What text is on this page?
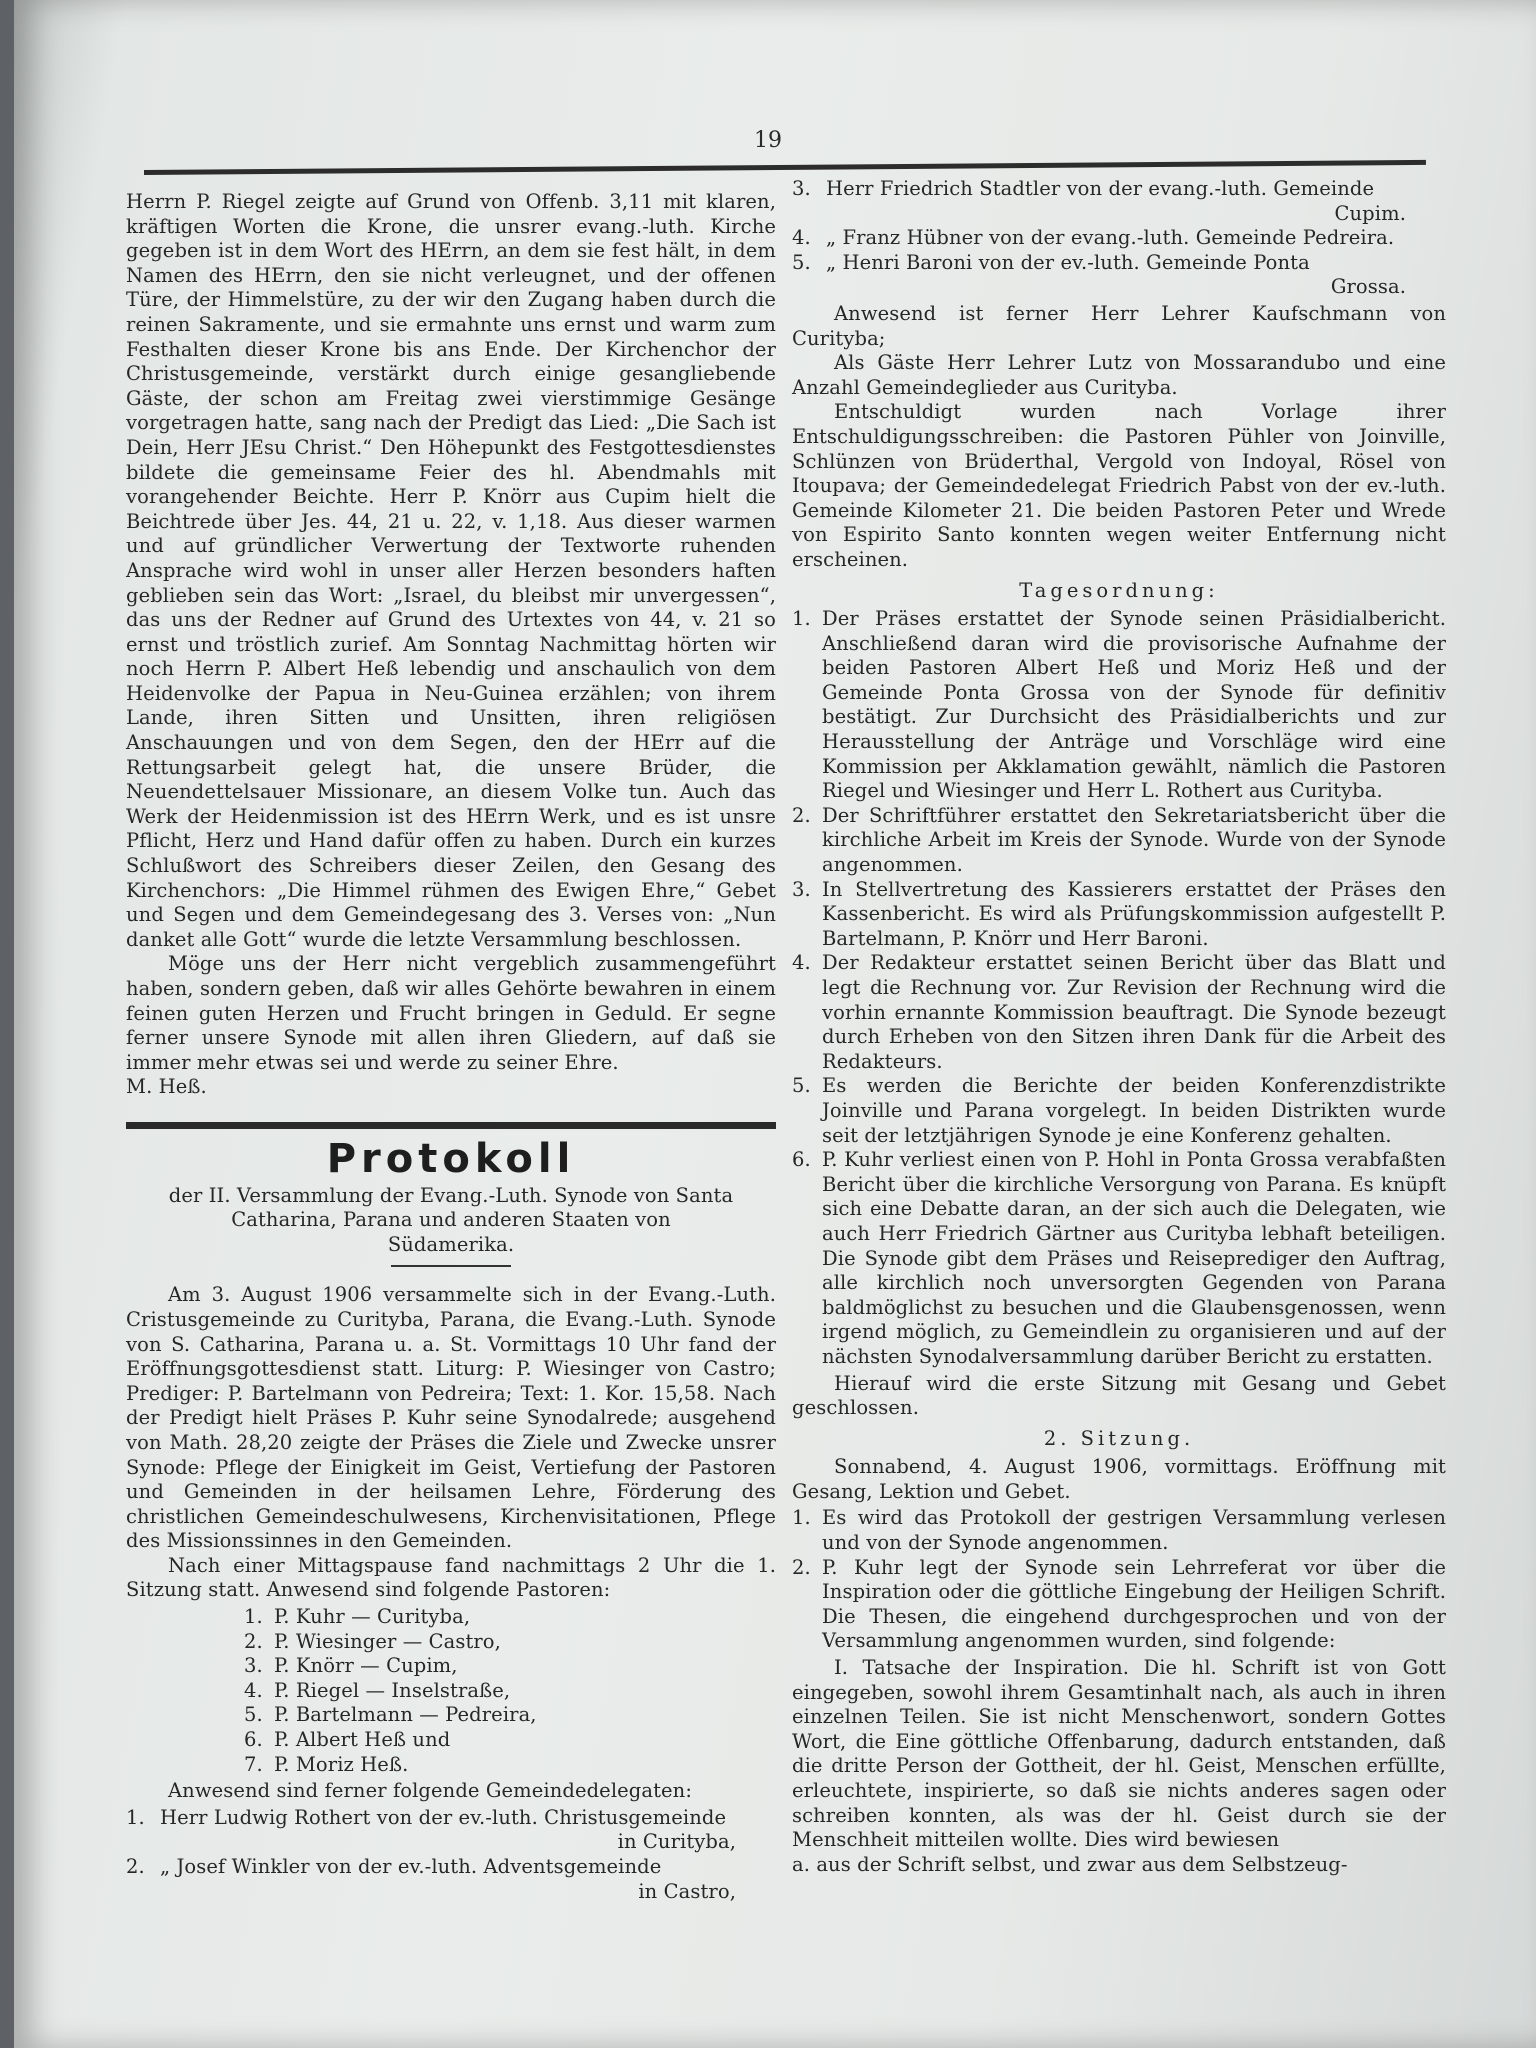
19

Herrn P. Riegel zeigte auf Grund von Offenb. 3,11 mit klaren, kräftigen Worten die Krone, die unsrer evang.-luth. Kirche gegeben ist in dem Wort des HErrn, an dem sie fest hält, in dem Namen des HErrn, den sie nicht verleugnet, und der offenen Türe, der Himmelstüre, zu der wir den Zugang haben durch die reinen Sakramente, und sie ermahnte uns ernst und warm zum Festhalten dieser Krone bis ans Ende. Der Kirchenchor der Christusgemeinde, verstärkt durch einige gesangliebende Gäste, der schon am Freitag zwei vierstimmige Gesänge vorgetragen hatte, sang nach der Predigt das Lied: „Die Sach ist Dein, Herr JEsu Christ.“ Den Höhepunkt des Festgottesdienstes bildete die gemeinsame Feier des hl. Abendmahls mit vorangehender Beichte. Herr P. Knörr aus Cupim hielt die Beichtrede über Jes. 44, 21 u. 22, v. 1,18. Aus dieser warmen und auf gründlicher Verwertung der Textworte ruhenden Ansprache wird wohl in unser aller Herzen besonders haften geblieben sein das Wort: „Israel, du bleibst mir unvergessen“, das uns der Redner auf Grund des Urtextes von 44, v. 21 so ernst und tröstlich zurief. Am Sonntag Nachmittag hörten wir noch Herrn P. Albert Heß lebendig und anschaulich von dem Heidenvolke der Papua in Neu-Guinea erzählen; von ihrem Lande, ihren Sitten und Unsitten, ihren religiösen Anschauungen und von dem Segen, den der HErr auf die Rettungsarbeit gelegt hat, die unsere Brüder, die Neuendettelsauer Missionare, an diesem Volke tun. Auch das Werk der Heidenmission ist des HErrn Werk, und es ist unsre Pflicht, Herz und Hand dafür offen zu haben. Durch ein kurzes Schlußwort des Schreibers dieser Zeilen, den Gesang des Kirchenchors: „Die Himmel rühmen des Ewigen Ehre,“ Gebet und Segen und dem Gemeindegesang des 3. Verses von: „Nun danket alle Gott“ wurde die letzte Versammlung beschlossen.

Möge uns der Herr nicht vergeblich zusammengeführt haben, sondern geben, daß wir alles Gehörte bewahren in einem feinen guten Herzen und Frucht bringen in Geduld. Er segne ferner unsere Synode mit allen ihren Gliedern, auf daß sie immer mehr etwas sei und werde zu seiner Ehre.

M. Heß.

Protokoll

der II. Versammlung der Evang.-Luth. Synode von Santa Catharina, Parana und anderen Staaten von Südamerika.

Am 3. August 1906 versammelte sich in der Evang.-Luth. Cristusgemeinde zu Curityba, Parana, die Evang.-Luth. Synode von S. Catharina, Parana u. a. St. Vormittags 10 Uhr fand der Eröffnungsgottesdienst statt. Liturg: P. Wiesinger von Castro; Prediger: P. Bartelmann von Pedreira; Text: 1. Kor. 15,58. Nach der Predigt hielt Präses P. Kuhr seine Synodalrede; ausgehend von Math. 28,20 zeigte der Präses die Ziele und Zwecke unsrer Synode: Pflege der Einigkeit im Geist, Vertiefung der Pastoren und Gemeinden in der heilsamen Lehre, Förderung des christlichen Gemeindeschulwesens, Kirchenvisitationen, Pflege des Missionssinnes in den Gemeinden.

Nach einer Mittagspause fand nachmittags 2 Uhr die 1. Sitzung statt. Anwesend sind folgende Pastoren:

1. P. Kuhr — Curityba,
2. P. Wiesinger — Castro,
3. P. Knörr — Cupim,
4. P. Riegel — Inselstraße,
5. P. Bartelmann — Pedreira,
6. P. Albert Heß und
7. P. Moriz Heß.

Anwesend sind ferner folgende Gemeindedelegaten:

1. Herr Ludwig Rothert von der ev.-luth. Christusgemeinde
in Curityba,
2. „ Josef Winkler von der ev.-luth. Adventsgemeinde
in Castro,
3. Herr Friedrich Stadtler von der evang.-luth. Gemeinde
Cupim.
4. „ Franz Hübner von der evang.-luth. Gemeinde Pedreira.
5. „ Henri Baroni von der ev.-luth. Gemeinde Ponta
Grossa.

Anwesend ist ferner Herr Lehrer Kaufschmann von Curityba;

Als Gäste Herr Lehrer Lutz von Mossarandubo und eine Anzahl Gemeindeglieder aus Curityba.

Entschuldigt wurden nach Vorlage ihrer Entschuldigungsschreiben: die Pastoren Pühler von Joinville, Schlünzen von Brüderthal, Vergold von Indoyal, Rösel von Itoupava; der Gemeindedelegat Friedrich Pabst von der ev.-luth. Gemeinde Kilometer 21. Die beiden Pastoren Peter und Wrede von Espirito Santo konnten wegen weiter Entfernung nicht erscheinen.

Tagesordnung:
1. Der Präses erstattet der Synode seinen Präsidialbericht. Anschließend daran wird die provisorische Aufnahme der beiden Pastoren Albert Heß und Moriz Heß und der Gemeinde Ponta Grossa von der Synode für definitiv bestätigt. Zur Durchsicht des Präsidialberichts und zur Herausstellung der Anträge und Vorschläge wird eine Kommission per Akklamation gewählt, nämlich die Pastoren Riegel und Wiesinger und Herr L. Rothert aus Curityba.
2. Der Schriftführer erstattet den Sekretariatsbericht über die kirchliche Arbeit im Kreis der Synode. Wurde von der Synode angenommen.
3. In Stellvertretung des Kassierers erstattet der Präses den Kassenbericht. Es wird als Prüfungskommission aufgestellt P. Bartelmann, P. Knörr und Herr Baroni.
4. Der Redakteur erstattet seinen Bericht über das Blatt und legt die Rechnung vor. Zur Revision der Rechnung wird die vorhin ernannte Kommission beauftragt. Die Synode bezeugt durch Erheben von den Sitzen ihren Dank für die Arbeit des Redakteurs.
5. Es werden die Berichte der beiden Konferenzdistrikte Joinville und Parana vorgelegt. In beiden Distrikten wurde seit der letztjährigen Synode je eine Konferenz gehalten.
6. P. Kuhr verliest einen von P. Hohl in Ponta Grossa verabfaßten Bericht über die kirchliche Versorgung von Parana. Es knüpft sich eine Debatte daran, an der sich auch die Delegaten, wie auch Herr Friedrich Gärtner aus Curityba lebhaft beteiligen. Die Synode gibt dem Präses und Reiseprediger den Auftrag, alle kirchlich noch unversorgten Gegenden von Parana baldmöglichst zu besuchen und die Glaubensgenossen, wenn irgend möglich, zu Gemeindlein zu organisieren und auf der nächsten Synodalversammlung darüber Bericht zu erstatten.

Hierauf wird die erste Sitzung mit Gesang und Gebet geschlossen.

2. Sitzung.

Sonnabend, 4. August 1906, vormittags. Eröffnung mit Gesang, Lektion und Gebet.

1. Es wird das Protokoll der gestrigen Versammlung verlesen und von der Synode angenommen.
2. P. Kuhr legt der Synode sein Lehrreferat vor über die Inspiration oder die göttliche Eingebung der Heiligen Schrift. Die Thesen, die eingehend durchgesprochen und von der Versammlung angenommen wurden, sind folgende:

I. Tatsache der Inspiration. Die hl. Schrift ist von Gott eingegeben, sowohl ihrem Gesamtinhalt nach, als auch in ihren einzelnen Teilen. Sie ist nicht Menschenwort, sondern Gottes Wort, die Eine göttliche Offenbarung, dadurch entstanden, daß die dritte Person der Gottheit, der hl. Geist, Menschen erfüllte, erleuchtete, inspirierte, so daß sie nichts anderes sagen oder schreiben konnten, als was der hl. Geist durch sie der Menschheit mitteilen wollte. Dies wird bewiesen

a. aus der Schrift selbst, und zwar aus dem Selbstzeug-
